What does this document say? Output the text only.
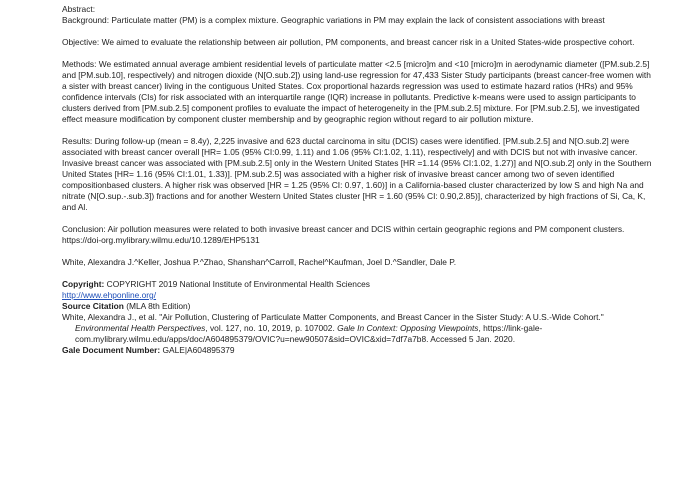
Abstract:
Background: Particulate matter (PM) is a complex mixture. Geographic variations in PM may explain the lack of consistent associations with breast
Objective: We aimed to evaluate the relationship between air pollution, PM components, and breast cancer risk in a United States-wide prospective cohort.
Methods: We estimated annual average ambient residential levels of particulate matter <2.5 [micro]m and <10 [micro]m in aerodynamic diameter ([PM.sub.2.5] and [PM.sub.10], respectively) and nitrogen dioxide (N[O.sub.2]) using land-use regression for 47,433 Sister Study participants (breast cancer-free women with a sister with breast cancer) living in the contiguous United States. Cox proportional hazards regression was used to estimate hazard ratios (HRs) and 95% confidence intervals (CIs) for risk associated with an interquartile range (IQR) increase in pollutants. Predictive k-means were used to assign participants to clusters derived from [PM.sub.2.5] component profiles to evaluate the impact of heterogeneity in the [PM.sub.2.5] mixture. For [PM.sub.2.5], we investigated effect measure modification by component cluster membership and by geographic region without regard to air pollution mixture.
Results: During follow-up (mean = 8.4y), 2,225 invasive and 623 ductal carcinoma in situ (DCIS) cases were identified. [PM.sub.2.5] and N[O.sub.2] were associated with breast cancer overall [HR= 1.05 (95% CI:0.99, 1.11) and 1.06 (95% CI:1.02, 1.11), respectively] and with DCIS but not with invasive cancer. Invasive breast cancer was associated with [PM.sub.2.5] only in the Western United States [HR =1.14 (95% CI:1.02, 1.27)] and N[O.sub.2] only in the Southern United States [HR= 1.16 (95% CI:1.01, 1.33)]. [PM.sub.2.5] was associated with a higher risk of invasive breast cancer among two of seven identified compositionbased clusters. A higher risk was observed [HR = 1.25 (95% CI: 0.97, 1.60)] in a California-based cluster characterized by low S and high Na and nitrate (N[O.sup.-.sub.3]) fractions and for another Western United States cluster [HR = 1.60 (95% CI: 0.90,2.85)], characterized by high fractions of Si, Ca, K, and Al.
Conclusion: Air pollution measures were related to both invasive breast cancer and DCIS within certain geographic regions and PM component clusters. https://doi-org.mylibrary.wilmu.edu/10.1289/EHP5131
White, Alexandra J.^Keller, Joshua P.^Zhao, Shanshan^Carroll, Rachel^Kaufman, Joel D.^Sandler, Dale P.
Copyright: COPYRIGHT 2019 National Institute of Environmental Health Sciences
http://www.ehponline.org/
Source Citation (MLA 8th Edition)
White, Alexandra J., et al. "Air Pollution, Clustering of Particulate Matter Components, and Breast Cancer in the Sister Study: A U.S.-Wide Cohort." Environmental Health Perspectives, vol. 127, no. 10, 2019, p. 107002. Gale In Context: Opposing Viewpoints, https://link-gale-com.mylibrary.wilmu.edu/apps/doc/A604895379/OVIC?u=new90507&sid=OVIC&xid=7df7a7b8. Accessed 5 Jan. 2020.
Gale Document Number: GALE|A604895379
